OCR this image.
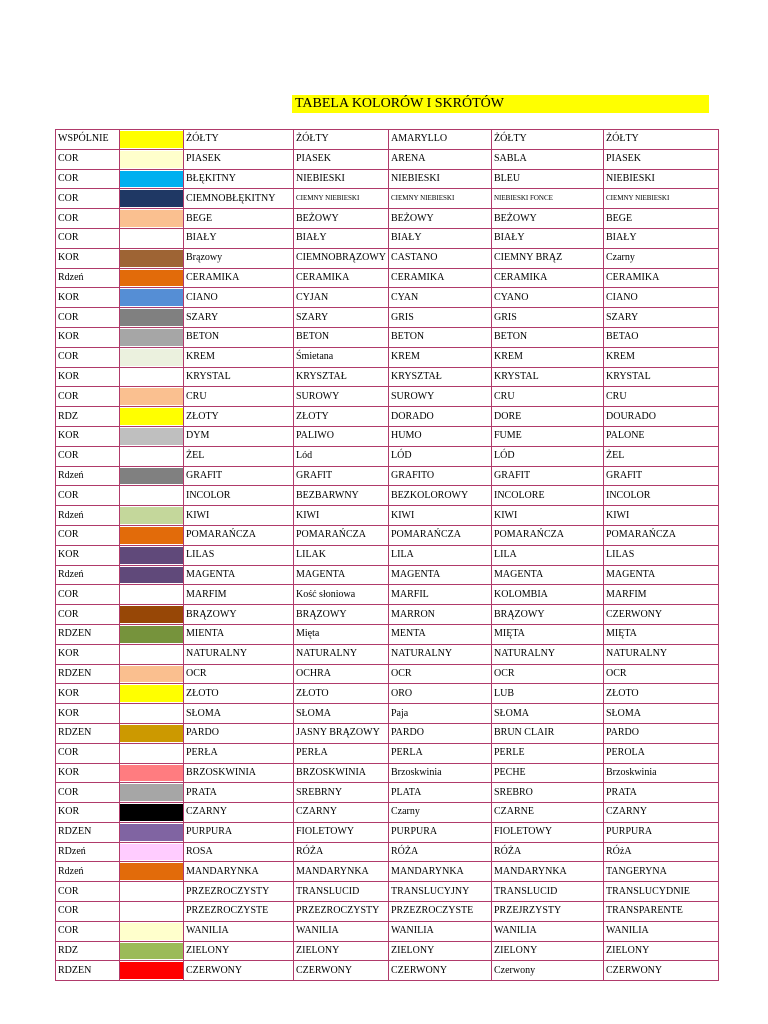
TABELA KOLORÓW I SKRÓTÓW
WSPÓLNIE		ŻÓŁTY	ŻÓŁTY	AMARYLLO	ŻÓŁTY	ŻÓŁTY
COR		PIASEK	PIASEK	ARENA	SABLA	PIASEK
COR		BŁĘKITNY	NIEBIESKI	NIEBIESKI	BLEU	NIEBIESKI
COR		CIEMNOBŁĘKITNY	CIEMNY NIEBIESKI	CIEMNY NIEBIESKI	NIEBIESKI FONCE	CIEMNY NIEBIESKI
COR		BEGE	BEŻOWY	BEŻOWY	BEŻOWY	BEGE
COR		BIAŁY	BIAŁY	BIAŁY	BIAŁY	BIAŁY
KOR		Brązowy	CIEMNOBRĄZOWY	CASTANO	CIEMNY BRĄZ	Czarny
Rdzeń		CERAMIKA	CERAMIKA	CERAMIKA	CERAMIKA	CERAMIKA
KOR		CIANO	CYJAN	CYAN	CYANO	CIANO
COR		SZARY	SZARY	GRIS	GRIS	SZARY
KOR		BETON	BETON	BETON	BETON	BETAO
COR		KREM	Śmietana	KREM	KREM	KREM
KOR		KRYSTAL	KRYSZTAŁ	KRYSZTAŁ	KRYSTAL	KRYSTAL
COR		CRU	SUROWY	SUROWY	CRU	CRU
RDZ		ZŁOTY	ZŁOTY	DORADO	DORE	DOURADO
KOR		DYM	PALIWO	HUMO	FUME	PALONE
COR		ŻEL	Lód	LÓD	LÓD	ŻEL
Rdzeń		GRAFIT	GRAFIT	GRAFITO	GRAFIT	GRAFIT
COR		INCOLOR	BEZBARWNY	BEZKOLOROWY	INCOLORE	INCOLOR
Rdzeń		KIWI	KIWI	KIWI	KIWI	KIWI
COR		POMARAŃCZA	POMARAŃCZA	POMARAŃCZA	POMARAŃCZA	POMARAŃCZA
KOR		LILAS	LILAK	LILA	LILA	LILAS
Rdzeń		MAGENTA	MAGENTA	MAGENTA	MAGENTA	MAGENTA
COR		MARFIM	Kość słoniowa	MARFIL	KOLOMBIA	MARFIM
COR		BRĄZOWY	BRĄZOWY	MARRON	BRĄZOWY	CZERWONY
RDZEN		MIENTA	Mięta	MENTA	MIĘTA	MIĘTA
KOR		NATURALNY	NATURALNY	NATURALNY	NATURALNY	NATURALNY
RDZEN		OCR	OCHRA	OCR	OCR	OCR
KOR		ZŁOTO	ZŁOTO	ORO	LUB	ZŁOTO
KOR		SŁOMA	SŁOMA	Paja	SŁOMA	SŁOMA
RDZEN		PARDO	JASNY BRĄZOWY	PARDO	BRUN CLAIR	PARDO
COR		PERŁA	PERŁA	PERLA	PERLE	PEROLA
KOR		BRZOSKWINIA	BRZOSKWINIA	Brzoskwinia	PECHE	Brzoskwinia
COR		PRATA	SREBRNY	PLATA	SREBRO	PRATA
KOR		CZARNY	CZARNY	Czarny	CZARNE	CZARNY
RDZEN		PURPURA	FIOLETOWY	PURPURA	FIOLETOWY	PURPURA
RDzeń		ROSA	RÓŻA	RÓŻA	RÓŻA	RÓżA
Rdzeń		MANDARYNKA	MANDARYNKA	MANDARYNKA	MANDARYNKA	TANGERYNA
COR		PRZEZROCZYSTY	TRANSLUCID	TRANSLUCYJNY	TRANSLUCID	TRANSLUCYDNIE
COR		PRZEZROCZYSTE	PRZEZROCZYSTY	PRZEZROCZYSTE	PRZEJRZYSTY	TRANSPARENTE
COR		WANILIA	WANILIA	WANILIA	WANILIA	WANILIA
RDZ		ZIELONY	ZIELONY	ZIELONY	ZIELONY	ZIELONY
RDZEN		CZERWONY	CZERWONY	CZERWONY	Czerwony	CZERWONY
